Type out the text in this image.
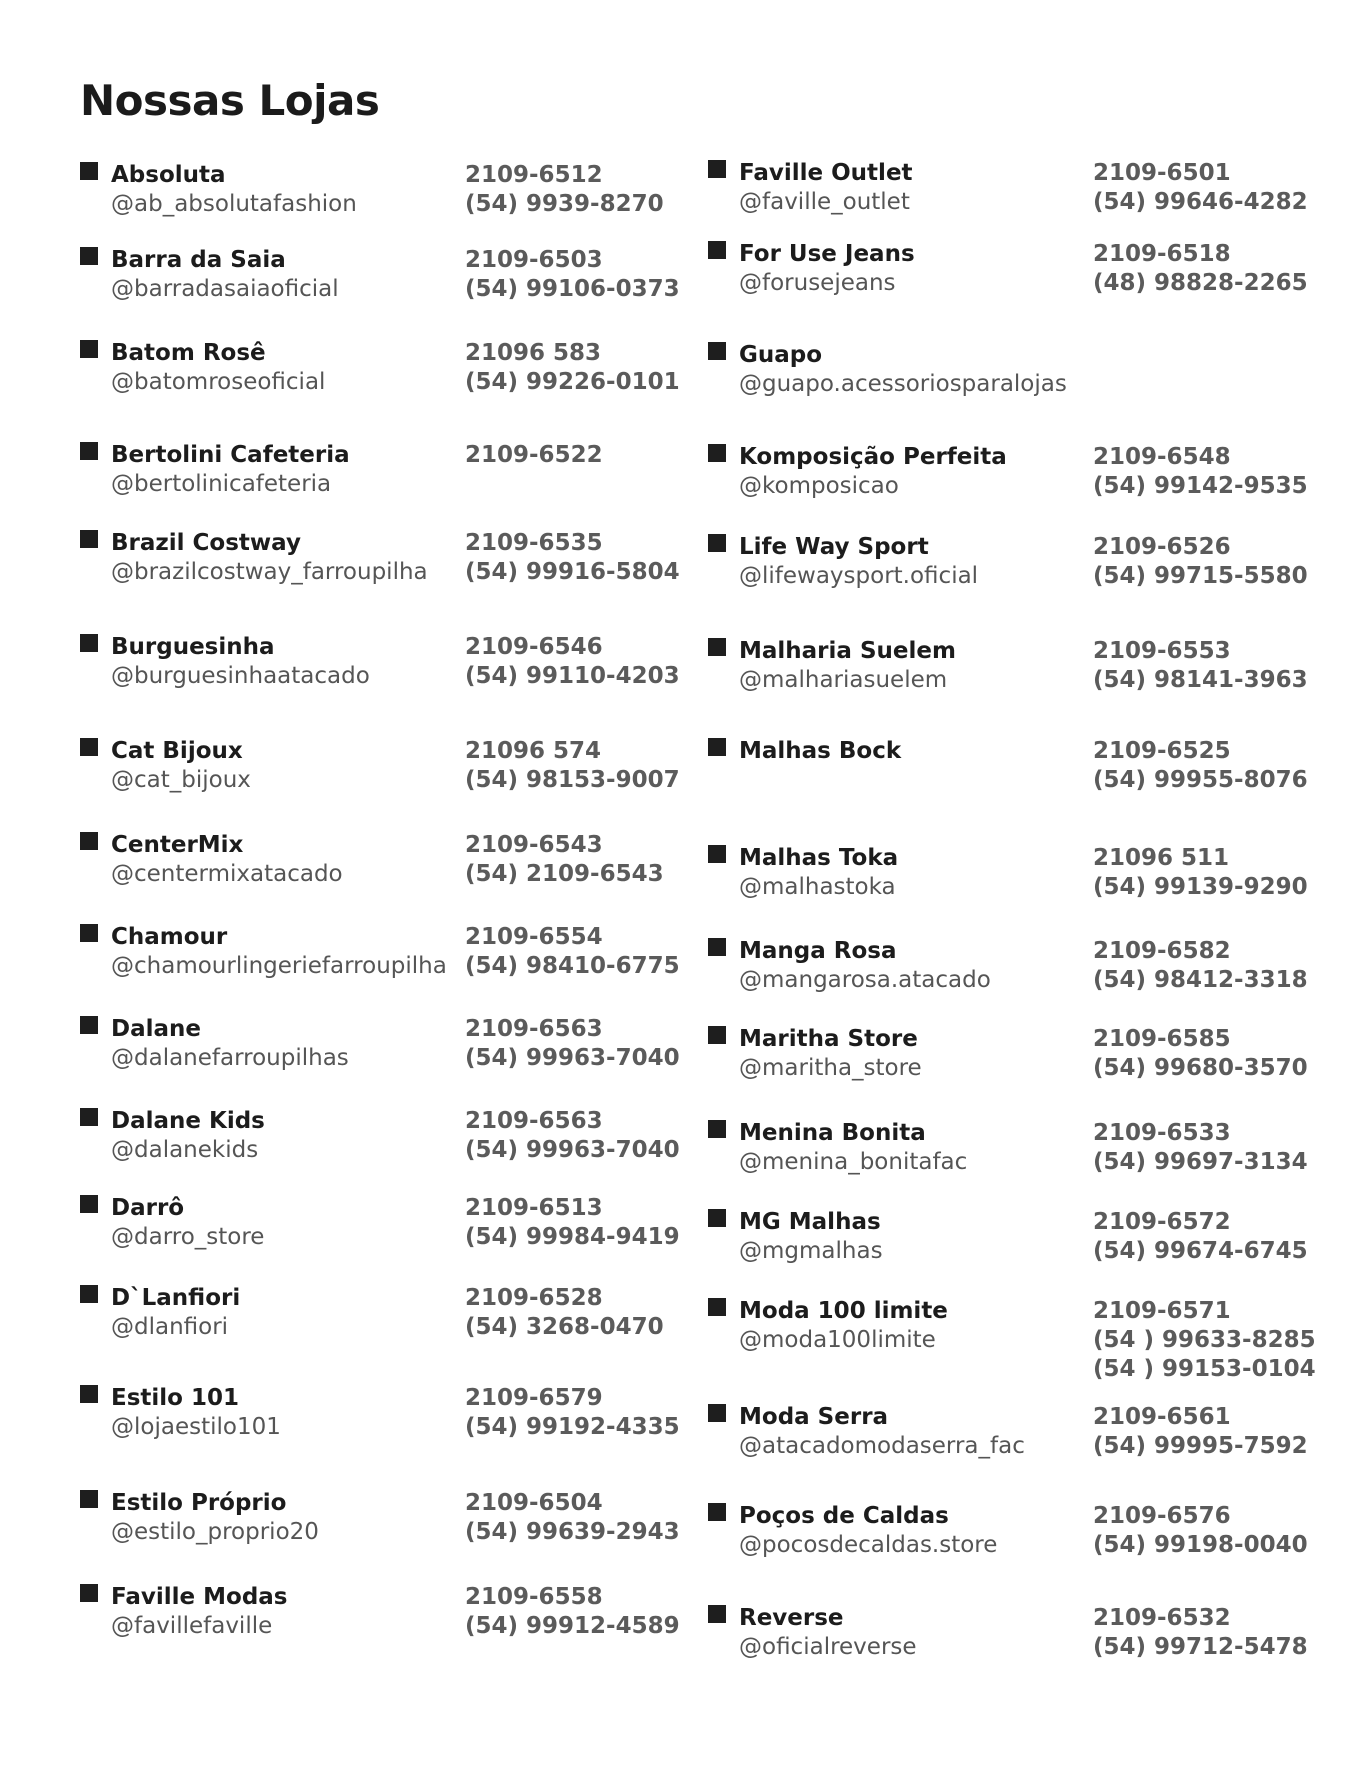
Nossas Lojas
Absoluta
@ab_absolutafashion
2109-6512
(54) 9939-8270
Barra da Saia
@barradasaiaoficial
2109-6503
(54) 99106-0373
Batom Rosê
@batomroseoficial
21096 583
(54) 99226-0101
Bertolini Cafeteria
@bertolinicafeteria
2109-6522
Brazil Costway
@brazilcostway_farroupilha
2109-6535
(54) 99916-5804
Burguesinha
@burguesinhaatacado
2109-6546
(54) 99110-4203
Cat Bijoux
@cat_bijoux
21096 574
(54) 98153-9007
CenterMix
@centermixatacado
2109-6543
(54) 2109-6543
Chamour
@chamourlingeriefarroupilha
2109-6554
(54) 98410-6775
Dalane
@dalanefarroupilhas
2109-6563
(54) 99963-7040
Dalane Kids
@dalanekids
2109-6563
(54) 99963-7040
Darrô
@darro_store
2109-6513
(54) 99984-9419
D`Lanfiori
@dlanfiori
2109-6528
(54) 3268-0470
Estilo 101
@lojaestilo101
2109-6579
(54) 99192-4335
Estilo Próprio
@estilo_proprio20
2109-6504
(54) 99639-2943
Faville Modas
@favillefaville
2109-6558
(54) 99912-4589
Faville Outlet
@faville_outlet
2109-6501
(54) 99646-4282
For Use Jeans
@forusejeans
2109-6518
(48) 98828-2265
Guapo
@guapo.acessoriosparalojas
Komposição Perfeita
@komposicao
2109-6548
(54) 99142-9535
Life Way Sport
@lifewaysport.oficial
2109-6526
(54) 99715-5580
Malharia Suelem
@malhariasuelem
2109-6553
(54) 98141-3963
Malhas Bock	2109-6525
(54) 99955-8076
Malhas Toka
@malhastoka
21096 511
(54) 99139-9290
Manga Rosa
@mangarosa.atacado
2109-6582
(54) 98412-3318
Maritha Store
@maritha_store
2109-6585
(54) 99680-3570
Menina Bonita
@menina_bonitafac
2109-6533
(54) 99697-3134
MG Malhas
@mgmalhas
2109-6572
(54) 99674-6745
Moda 100 limite
@moda100limite
2109-6571
(54 ) 99633-8285
(54 ) 99153-0104
Moda Serra
@atacadomodaserra_fac
2109-6561
(54) 99995-7592
Poços de Caldas
@pocosdecaldas.store
2109-6576
(54) 99198-0040
Reverse
@oficialreverse
2109-6532
(54) 99712-5478
